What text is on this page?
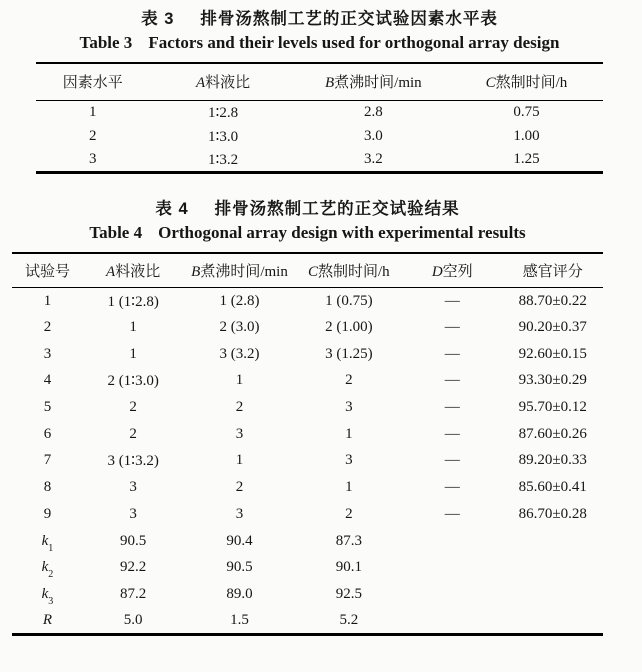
表 3 排骨汤熬制工艺的正交试验因素水平表
Table 3 Factors and their levels used for orthogonal array design
因素水平	A料液比	B煮沸时间/min	C熬制时间/h
1	1∶2.8	2.8	0.75
2	1∶3.0	3.0	1.00
3	1∶3.2	3.2	1.25
表 4 排骨汤熬制工艺的正交试验结果
Table 4 Orthogonal array design with experimental results
试验号	A料液比	B煮沸时间/min	C熬制时间/h	D空列	感官评分
1	1 (1∶2.8)	1 (2.8)	1 (0.75)	—	88.70±0.22
2	1	2 (3.0)	2 (1.00)	—	90.20±0.37
3	1	3 (3.2)	3 (1.25)	—	92.60±0.15
4	2 (1∶3.0)	1	2	—	93.30±0.29
5	2	2	3	—	95.70±0.12
6	2	3	1	—	87.60±0.26
7	3 (1∶3.2)	1	3	—	89.20±0.33
8	3	2	1	—	85.60±0.41
9	3	3	2	—	86.70±0.28
$k_1$	90.5	90.4	87.3		
$k_2$	92.2	90.5	90.1		
$k_3$	87.2	89.0	92.5		
R	5.0	1.5	5.2		
